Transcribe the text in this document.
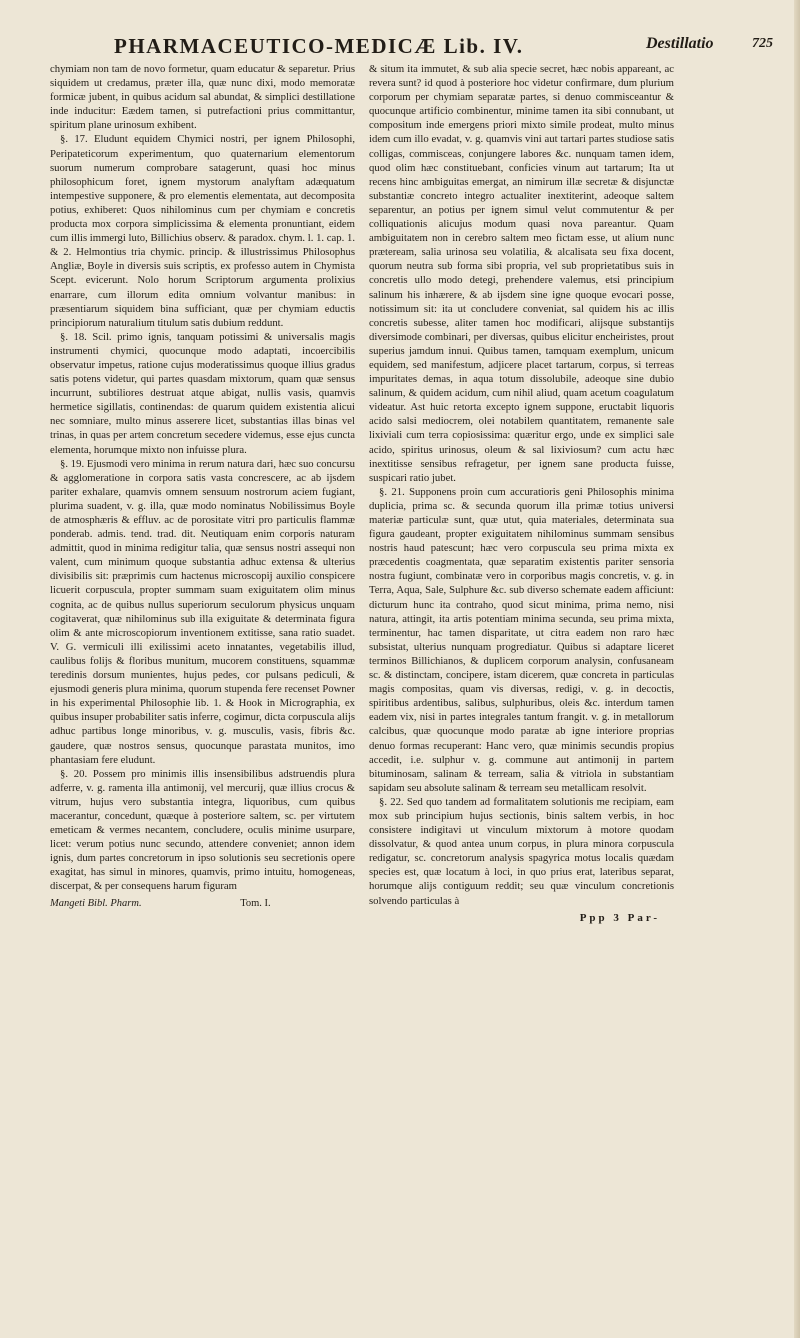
PHARMACEUTICO-MEDICÆ Lib. IV.	Destillatio	725

chymiam non tam de novo formetur, quam educatur & separetur. Prius siquidem ut credamus, præter illa, quæ nunc dixi, modo memoratæ formicæ jubent, in quibus acidum sal abundat, & simplici destillatione inde inducitur: Eædem tamen, si putrefactioni prius committantur, spiritum plane urinosum exhibent.

§. 17. Eludunt equidem Chymici nostri, per ignem Philosophi, Peripateticorum experimentum, quo quaternarium elementorum suorum numerum comprobare satagerunt, quasi hoc minus philosophicum foret, ignem mystorum analyftam adæquatum intempestive supponere, & pro elementis elementata, aut decomposita potius, exhiberet: Quos nihilominus cum per chymiam e concretis producta mox corpora simplicissima & elementa pronuntiant, eidem cum illis immergi luto, Billichius observ. & paradox. chym. l. 1. cap. 1. & 2. Helmontius tria chymic. princip. & illustrissimus Philosophus Angliæ, Boyle in diversis suis scriptis, ex professo autem in Chymista Scept. evicerunt. Nolo horum Scriptorum argumenta prolixius enarrare, cum illorum edita omnium volvantur manibus: in præsentiarum siquidem bina sufficiant, quæ per chymiam eductis principiorum naturalium titulum satis dubium reddunt.

§. 18. Scil. primo ignis, tanquam potissimi & universalis magis instrumenti chymici, quocunque modo adaptati, incoercibilis observatur impetus, ratione cujus moderatissimus quoque illius gradus satis potens videtur, qui partes quasdam mixtorum, quam quæ sensus incurrunt, subtiliores destruat atque abigat, nullis vasis, quamvis hermetice sigillatis, continendas: de quarum quidem existentia alicui nec somniare, multo minus asserere licet, substantias illas binas vel trinas, in quas per artem concretum secedere videmus, esse ejus cuncta elementa, horumque mixto non infuisse plura.

§. 19. Ejusmodi vero minima in rerum natura dari, hæc suo concursu & agglomeratione in corpora satis vasta concrescere, ac ab ijsdem pariter exhalare, quamvis omnem sensuum nostrorum aciem fugiant, plurima suadent, v. g. illa, quæ modo nominatus Nobilissimus Boyle de atmosphæris & effluv. ac de porositate vitri pro particulis flammæ ponderab. admis. tend. trad. dit. Neutiquam enim corporis naturam admittit, quod in minima redigitur talia, quæ sensus nostri assequi non valent, cum minimum quoque substantia adhuc extensa & ulterius divisibilis sit: præprimis cum hactenus microscopij auxilio conspicere licuerit corpuscula, propter summam suam exiguitatem olim minus cognita, ac de quibus nullus superiorum seculorum physicus unquam cogitaverat, quæ nihilominus sub illa exiguitate & determinata figura olim & ante microscopiorum inventionem extitisse, sana ratio suadet. V. G. vermiculi illi exilissimi aceto innatantes, vegetabilis illud, caulibus folijs & floribus munitum, mucorem constituens, squammæ teredinis dorsum munientes, hujus pedes, cor pulsans pediculi, & ejusmodi generis plura minima, quorum stupenda fere recenset Powner in his experimental Philosophie lib. 1. & Hook in Micrographia, ex quibus insuper probabiliter satis inferre, cogimur, dicta corpuscula alijs adhuc partibus longe minoribus, v. g. musculis, vasis, fibris &c. gaudere, quæ nostros sensus, quocunque parastata munitos, imo phantasiam fere eludunt.

§. 20. Possem pro minimis illis insensibilibus adstruendis plura adferre, v. g. ramenta illa antimonij, vel mercurij, quæ illius crocus & vitrum, hujus vero substantia integra, liquoribus, cum quibus macerantur, concedunt, quæque à posteriore saltem, sc. per virtutem emeticam & vermes necantem, concludere, oculis minime usurpare, licet: verum potius nunc secundo, attendere conveniet; annon idem ignis, dum partes concretorum in ipso solutionis seu secretionis opere exagitat, has simul in minores, quamvis, primo intuitu, homogeneas, discerpat, & per consequens harum figuram

Mangeti Bibl. Pharm.	Tom. I.

& situm ita immutet, & sub alia specie secret, hæc nobis appareant, ac revera sunt? id quod à posteriore hoc videtur confirmare, dum plurium corporum per chymiam separatæ partes, si denuo commisceantur & quocunque artificio combinentur, minime tamen ita sibi connubant, ut compositum inde emergens priori mixto simile prodeat, multo minus idem cum illo evadat, v. g. quamvis vini aut tartari partes studiose satis colligas, commisceas, conjungere labores &c. nunquam tamen idem, quod olim hæc constituebant, conficies vinum aut tartarum; Ita ut recens hinc ambiguitas emergat, an nimirum illæ secretæ & disjunctæ substantiæ concreto integro actualiter inextiterint, adeoque saltem separentur, an potius per ignem simul velut commutentur & per colliquationis alicujus modum quasi nova pareantur. Quam ambiguitatem non in cerebro saltem meo fictam esse, ut alium nunc præteream, salia urinosa seu volatilia, & alcalisata seu fixa docent, quorum neutra sub forma sibi propria, vel sub proprietatibus suis in concretis ullo modo detegi, prehendere valemus, etsi principium salinum his inhærere, & ab ijsdem sine igne quoque evocari posse, notissimum sit: ita ut concludere conveniat, sal quidem his ac illis concretis subesse, aliter tamen hoc modificari, alijsque substantijs diversimode combinari, per diversas, quibus elicitur encheiristes, prout superius jamdum innui. Quibus tamen, tamquam exemplum, unicum equidem, sed manifestum, adjicere placet tartarum, corpus, si terreas impuritates demas, in aqua totum dissolubile, adeoque sine dubio salinum, & quidem acidum, cum nihil aliud, quam acetum coagulatum videatur. Ast huic retorta excepto ignem supponе, eructabit liquoris acido salsi mediocrem, olei notabilem quantitatem, remanente sale lixiviali cum terra copiosissima: quæritur ergo, unde ex simplici sale acido, spiritus urinosus, oleum & sal lixiviosum? cum actu hæc inextitisse sensibus refragetur, per ignem sane producta fuisse, suspicari ratio jubet.

§. 21. Supponens proin cum accuratioris geni Philosophis minima duplicia, prima sc. & secunda quorum illa primæ totius universi materiæ particulæ sunt, quæ utut, quia materiales, determinata sua figura gaudeant, propter exiguitatem nihilominus summam sensibus nostris haud patescunt; hæc vero corpuscula seu prima mixta ex præcedentis coagmentata, quæ separatim existentis pariter sensoria nostra fugiunt, combinatæ vero in corporibus magis concretis, v. g. in Terra, Aqua, Sale, Sulphure &c. sub diverso schemate eadem afficiunt: dicturum hunc ita contraho, quod sicut minima, prima nemo, nisi natura, attingit, ita artis potentiam minima secunda, seu prima mixta, terminentur, hac tamen disparitate, ut citra eadem non raro hæc subsistat, ulterius nunquam progrediatur. Quibus si adaptare liceret terminos Billichianos, & duplicem corporum analysin, confusaneam sc. & distinctam, concipere, istam dicerem, quæ concreta in particulas magis compositas, quam vis diversas, redigi, v. g. in decoctis, spiritibus ardentibus, salibus, sulphuribus, oleis &c. interdum tamen eadem vix, nisi in partes integrales tantum frangit. v. g. in metallorum calcibus, quæ quocunque modo paratæ ab igne interiore proprias denuo formas recuperant: Hanc vero, quæ minimis secundis propius accedit, i.e. sulphur v. g. commune aut antimonij in partem bituminosam, salinam & terream, salia & vitriola in substantiam sapidam seu absolute salinam & terream seu metallicam resolvit.

§. 22. Sed quo tandem ad formalitatem solutionis me recipiam, eam mox sub principium hujus sectionis, binis saltem verbis, in hoc consistere indigitavi ut vinculum mixtorum à motore quodam dissolvatur, & quod antea unum corpus, in plura minora corpuscula redigatur, sc. concretorum analysis spagyrica motus localis quædam species est, quæ locatum à loci, in quo prius erat, lateribus separat, horumque alijs contiguum reddit; seu quæ vinculum concretionis solvendo particulas à

Ppp 3 Par-
